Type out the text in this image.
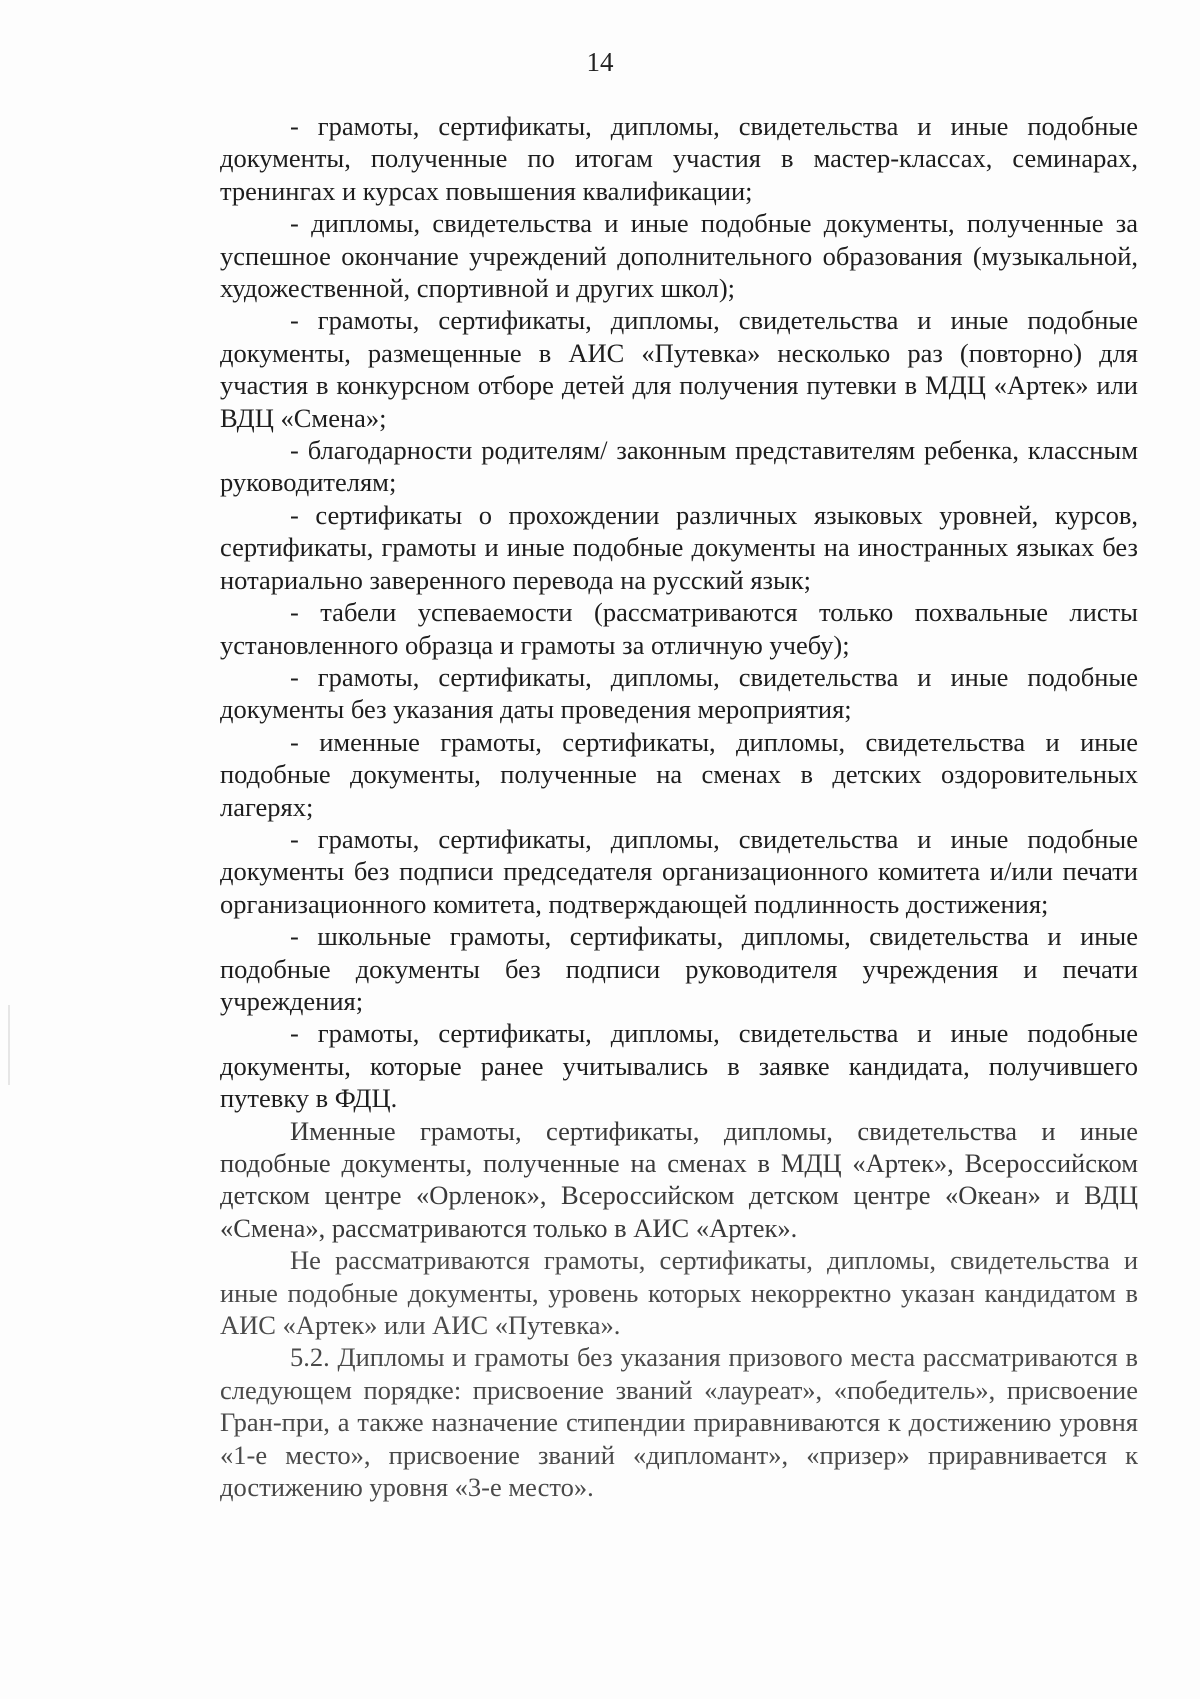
14

- грамоты, сертификаты, дипломы, свидетельства и иные подобные документы, полученные по итогам участия в мастер-классах, семинарах, тренингах и курсах повышения квалификации;

- дипломы, свидетельства и иные подобные документы, полученные за успешное окончание учреждений дополнительного образования (музыкальной, художественной, спортивной и других школ);

- грамоты, сертификаты, дипломы, свидетельства и иные подобные документы, размещенные в АИС «Путевка» несколько раз (повторно) для участия в конкурсном отборе детей для получения путевки в МДЦ «Артек» или ВДЦ «Смена»;

- благодарности родителям/ законным представителям ребенка, классным руководителям;

- сертификаты о прохождении различных языковых уровней, курсов, сертификаты, грамоты и иные подобные документы на иностранных языках без нотариально заверенного перевода на русский язык;

- табели успеваемости (рассматриваются только похвальные листы установленного образца и грамоты за отличную учебу);

- грамоты, сертификаты, дипломы, свидетельства и иные подобные документы без указания даты проведения мероприятия;

- именные грамоты, сертификаты, дипломы, свидетельства и иные подобные документы, полученные на сменах в детских оздоровительных лагерях;

- грамоты, сертификаты, дипломы, свидетельства и иные подобные документы без подписи председателя организационного комитета и/или печати организационного комитета, подтверждающей подлинность достижения;

- школьные грамоты, сертификаты, дипломы, свидетельства и иные подобные документы без подписи руководителя учреждения и печати учреждения;

- грамоты, сертификаты, дипломы, свидетельства и иные подобные документы, которые ранее учитывались в заявке кандидата, получившего путевку в ФДЦ.

Именные грамоты, сертификаты, дипломы, свидетельства и иные подобные документы, полученные на сменах в МДЦ «Артек», Всероссийском детском центре «Орленок», Всероссийском детском центре «Океан» и ВДЦ «Смена», рассматриваются только в АИС «Артек».

Не рассматриваются грамоты, сертификаты, дипломы, свидетельства и иные подобные документы, уровень которых некорректно указан кандидатом в АИС «Артек» или АИС «Путевка».

5.2. Дипломы и грамоты без указания призового места рассматриваются в следующем порядке: присвоение званий «лауреат», «победитель», присвоение Гран-при, а также назначение стипендии приравниваются к достижению уровня «1-е место», присвоение званий «дипломант», «призер» приравнивается к достижению уровня «3-е место».
